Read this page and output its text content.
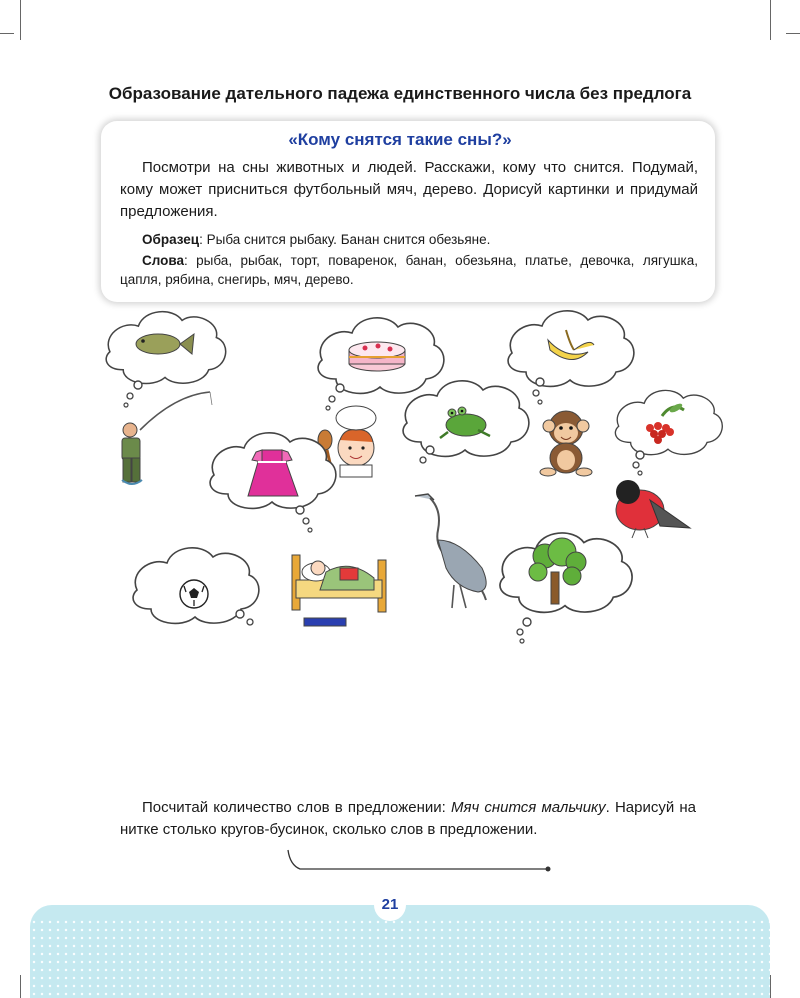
Образование дательного падежа единственного числа без предлога
«Кому снятся такие сны?»

Посмотри на сны животных и людей. Расскажи, кому что снится. Подумай, кому может присниться футбольный мяч, дерево. Дорисуй картинки и придумай предложения.

Образец: Рыба снится рыбаку. Банан снится обезьяне.

Слова: рыба, рыбак, торт, поваренок, банан, обезьяна, платье, девочка, лягушка, цапля, рябина, снегирь, мяч, дерево.

Посчитай количество слов в предложении: Мяч снится мальчику. Нарисуй на нитке столько кругов-бусинок, сколько слов в предложении.

21
